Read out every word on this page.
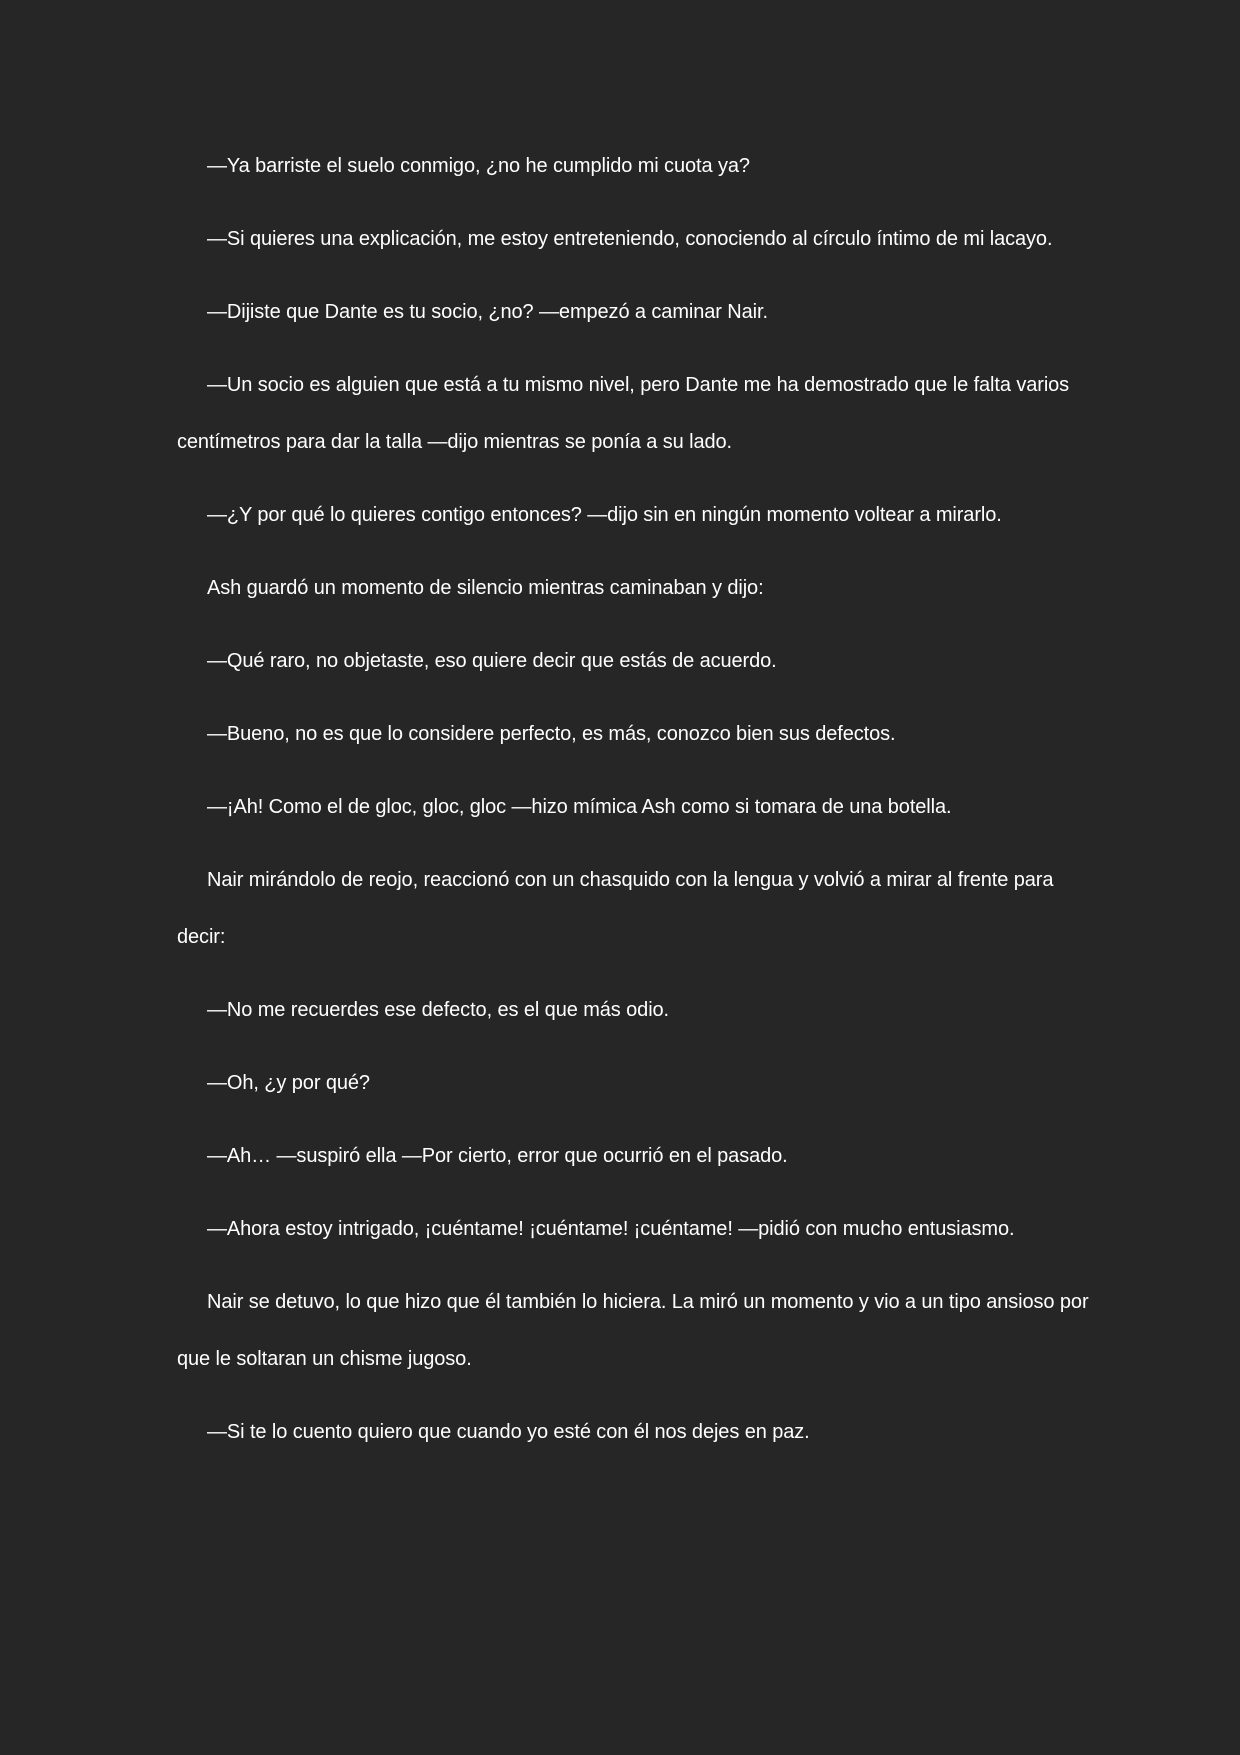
—Ya barriste el suelo conmigo, ¿no he cumplido mi cuota ya?

—Si quieres una explicación, me estoy entreteniendo, conociendo al círculo íntimo de mi lacayo.

—Dijiste que Dante es tu socio, ¿no? —empezó a caminar Nair.

—Un socio es alguien que está a tu mismo nivel, pero Dante me ha demostrado que le falta varios centímetros para dar la talla —dijo mientras se ponía a su lado.

—¿Y por qué lo quieres contigo entonces? —dijo sin en ningún momento voltear a mirarlo.

Ash guardó un momento de silencio mientras caminaban y dijo:

—Qué raro, no objetaste, eso quiere decir que estás de acuerdo.

—Bueno, no es que lo considere perfecto, es más, conozco bien sus defectos.

—¡Ah! Como el de gloc, gloc, gloc —hizo mímica Ash como si tomara de una botella.

Nair mirándolo de reojo, reaccionó con un chasquido con la lengua y volvió a mirar al frente para decir:

—No me recuerdes ese defecto, es el que más odio.

—Oh, ¿y por qué?

—Ah… —suspiró ella —Por cierto, error que ocurrió en el pasado.

—Ahora estoy intrigado, ¡cuéntame! ¡cuéntame! ¡cuéntame! —pidió con mucho entusiasmo.

Nair se detuvo, lo que hizo que él también lo hiciera. La miró un momento y vio a un tipo ansioso por que le soltaran un chisme jugoso.

—Si te lo cuento quiero que cuando yo esté con él nos dejes en paz.
